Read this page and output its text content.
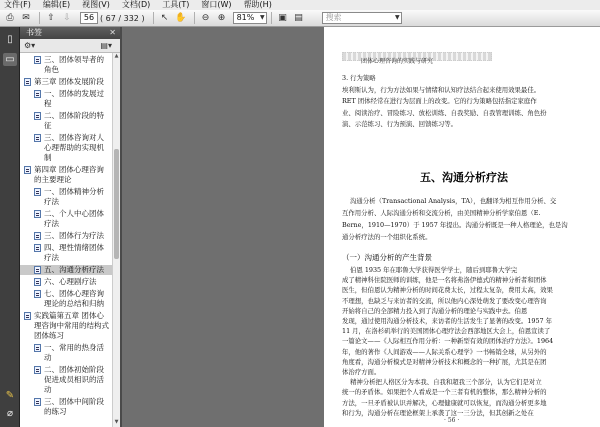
文件(F) 编辑(E) 视图(V) 文档(D) 工具(T) 窗口(W) 帮助(H)
⎙ ✉	⇧ ⇩	56 ( 67 / 332 )	↖ ✋	⊖ ⊕	81% ▼	▣ ▤	搜索	▼
▯
▭
✎
⌀
书签	✕
⚙▾	▤▾
三、团体领导者的角色
第三章 团体发展阶段
一、团体的发展过程
二、团体阶段的特征
三、团体咨询对人心理帮助的实现机制
第四章 团体心理咨询的主要理论
一、团体精神分析疗法
二、个人中心团体疗法
三、团体行为疗法
四、理性情绪团体疗法
五、沟通分析疗法
六、心理剧疗法
七、团体心理咨询理论的总结和归纳
实践篇第五章 团体心理咨询中常用的结构式团体练习
一、常用的热身活动
二、团体初始阶段促进成员相识的活动
三、团体中间阶段的练习
▲
▼
团体心理咨询的实践与研究
五、沟通分析疗法
（一）沟通分析的产生背景
· 56 ·
3. 行为策略
埃利斯认为，行为方法如果与情绪和认知疗法结合起来使用效果最佳。
RET 团体经常在进行为层面上的改变。它的行为策略包括指定家庭作
业、阅读治疗、冒险练习、放松训练、自我奖励、自我管理训练、角色扮
演、示范练习、行为预演、回馈练习等。
沟通分析（Transactional Analysis，TA），也翻译为相互作用分析、交
互作用分析、人际沟通分析和交流分析，由美国精神分析学家伯恩（E.
Berne，1910—1970）于 1957 年提出。沟通分析既是一种人格理论，也是沟
通分析疗法的一个组织化系统。
伯恩 1935 年在耶鲁大学获得医学学士，随后到耶鲁大学完
成了精神科住院医师的训练，他是一名将弗洛伊德式的精神分析者和团体
医生，但伯恩认为精神分析的时间花费太长，过程太复杂，费用太高，效果
不理想，也缺乏与来访者的交流，所以他内心深处萌发了要改变心理咨询
开始将自己的全部精力投入到了沟通分析的理论与实践中去。伯恩
发现，通过使用沟通分析技术，来访者的生活发生了显著的改变。1957 年
11 月，在洛杉矶举行的美国团体心理疗法会西部地区大会上，伯恩宣读了
一篇论文——《人际相互作用分析：一种新型有效的团体治疗方法》。1964
年，他的著作《人间游戏——人际关系心理学》一书畅销全球，从另外的
角度看，沟通分析模式是对精神分析技术和概念的一种扩展，尤其是在团
体治疗方面。
精神分析把人格区分为本我、自我和超我三个部分，认为它们是对立
统一的矛盾体。如果把个人看成是一个三者有机的整体，那么精神分析的
方法，一旦矛盾被认识并解决，心理健康就可以恢复，而沟通分析更多地
和行为，沟通分析在理论框架上承袭了这一三分法，但其创新之处在
